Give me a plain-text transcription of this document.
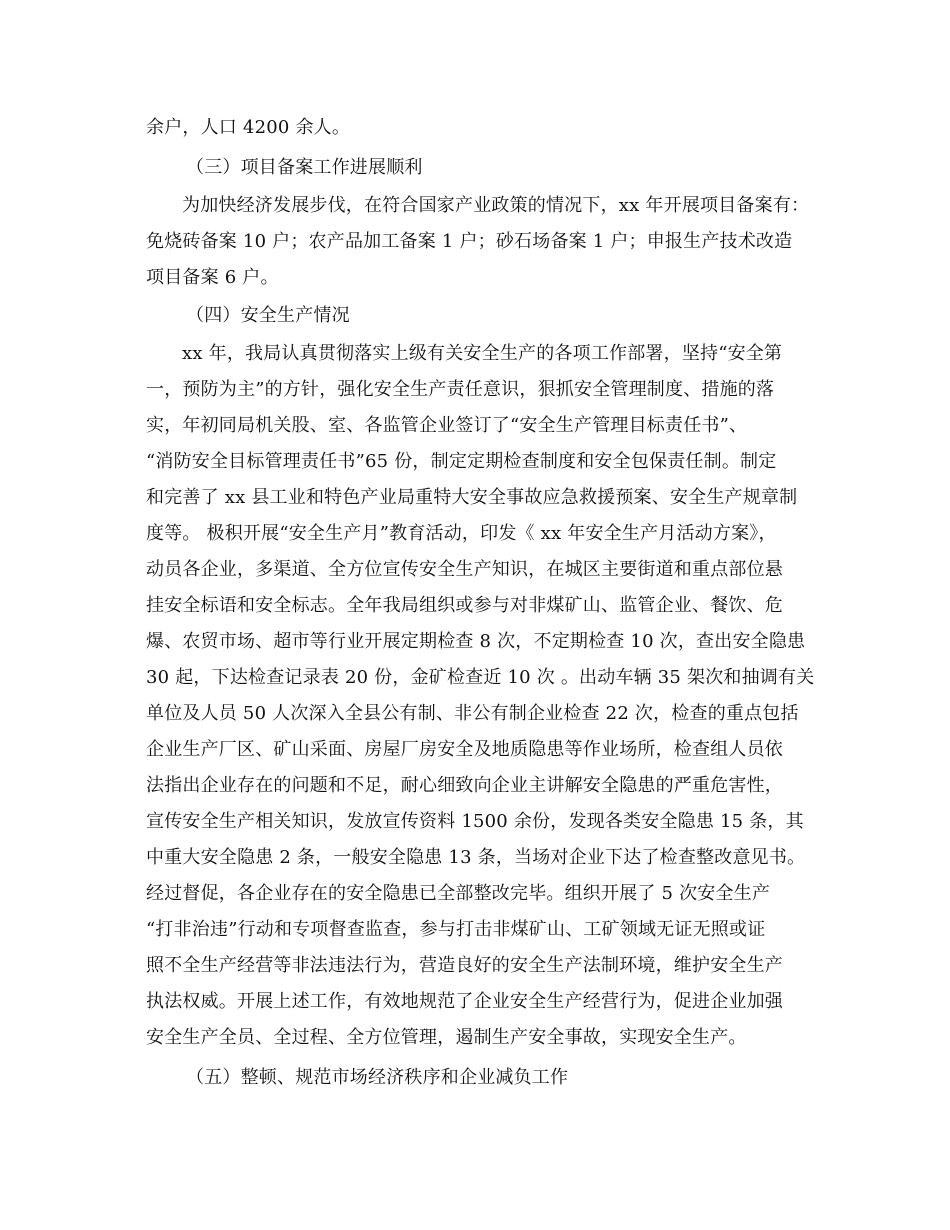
余户，人口 4200 余人。
（三）项目备案工作进展顺利
为加快经济发展步伐，在符合国家产业政策的情况下，xx 年开展项目备案有：
免烧砖备案 10 户；农产品加工备案 1 户；砂石场备案 1 户；申报生产技术改造
项目备案 6 户。
（四）安全生产情况
xx 年，我局认真贯彻落实上级有关安全生产的各项工作部署，坚持“安全第
一，预防为主”的方针，强化安全生产责任意识，狠抓安全管理制度、措施的落
实，年初同局机关股、室、各监管企业签订了“安全生产管理目标责任书”、
“消防安全目标管理责任书”65 份，制定定期检查制度和安全包保责任制。制定
和完善了 xx 县工业和特色产业局重特大安全事故应急救援预案、安全生产规章制
度等。 极积开展“安全生产月”教育活动，印发《 xx 年安全生产月活动方案》，
动员各企业，多渠道、全方位宣传安全生产知识，在城区主要街道和重点部位悬
挂安全标语和安全标志。全年我局组织或参与对非煤矿山、监管企业、餐饮、危
爆、农贸市场、超市等行业开展定期检查 8 次，不定期检查 10 次，查出安全隐患
30 起，下达检查记录表 20 份，金矿检查近 10 次 。出动车辆 35 架次和抽调有关
单位及人员 50 人次深入全县公有制、非公有制企业检查 22 次，检查的重点包括
企业生产厂区、矿山采面、房屋厂房安全及地质隐患等作业场所，检查组人员依
法指出企业存在的问题和不足，耐心细致向企业主讲解安全隐患的严重危害性，
宣传安全生产相关知识，发放宣传资料 1500 余份，发现各类安全隐患 15 条，其
中重大安全隐患 2 条，一般安全隐患 13 条，当场对企业下达了检查整改意见书。
经过督促，各企业存在的安全隐患已全部整改完毕。组织开展了 5 次安全生产
“打非治违”行动和专项督查监查，参与打击非煤矿山、工矿领域无证无照或证
照不全生产经营等非法违法行为，营造良好的安全生产法制环境，维护安全生产
执法权威。开展上述工作，有效地规范了企业安全生产经营行为，促进企业加强
安全生产全员、全过程、全方位管理，遏制生产安全事故，实现安全生产。
（五）整顿、规范市场经济秩序和企业减负工作
